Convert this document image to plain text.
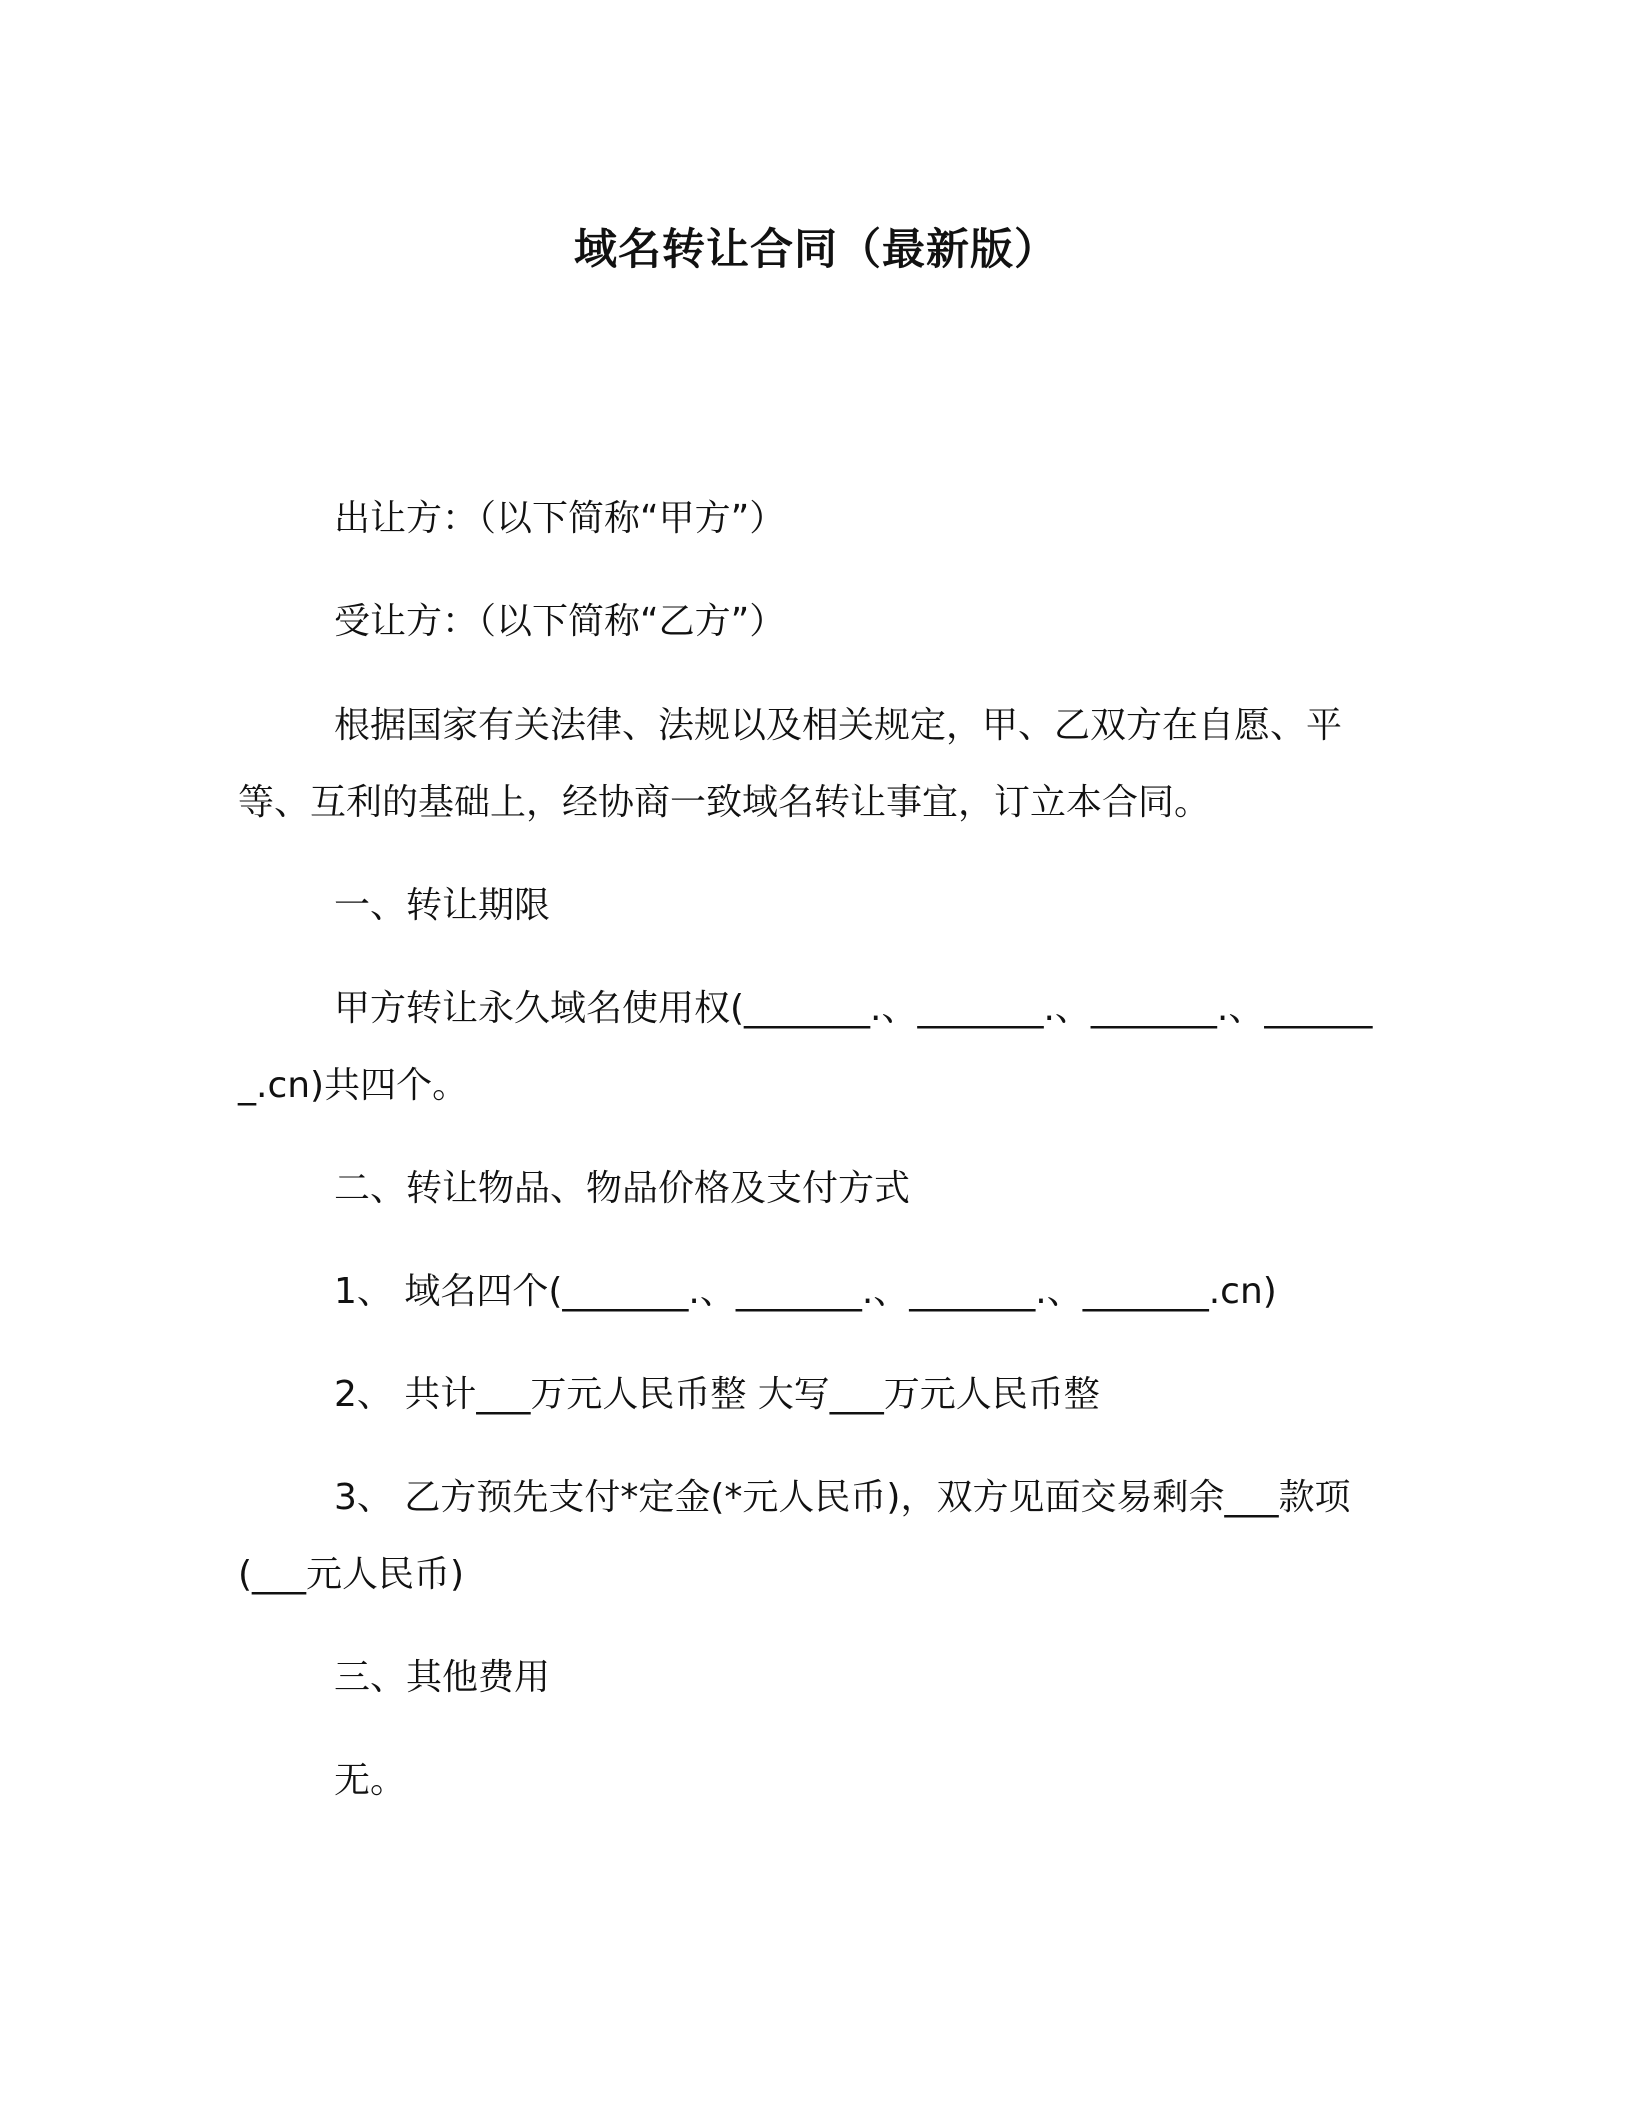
域名转让合同（最新版）

出让方：（以下简称“甲方”）

受让方：（以下简称“乙方”）

根据国家有关法律、法规以及相关规定，甲、乙双方在自愿、平等、互利的基础上，经协商一致域名转让事宜，订立本合同。

一、转让期限

甲方转让永久域名使用权(_______.、_______.、_______.、_______.cn)共四个。

二、转让物品、物品价格及支付方式

1、 域名四个(_______.、_______.、_______.、_______.cn)

2、 共计___万元人民币整 大写___万元人民币整

3、 乙方预先支付*定金(*元人民币)，双方见面交易剩余___款项(___元人民币)

三、其他费用

无。
